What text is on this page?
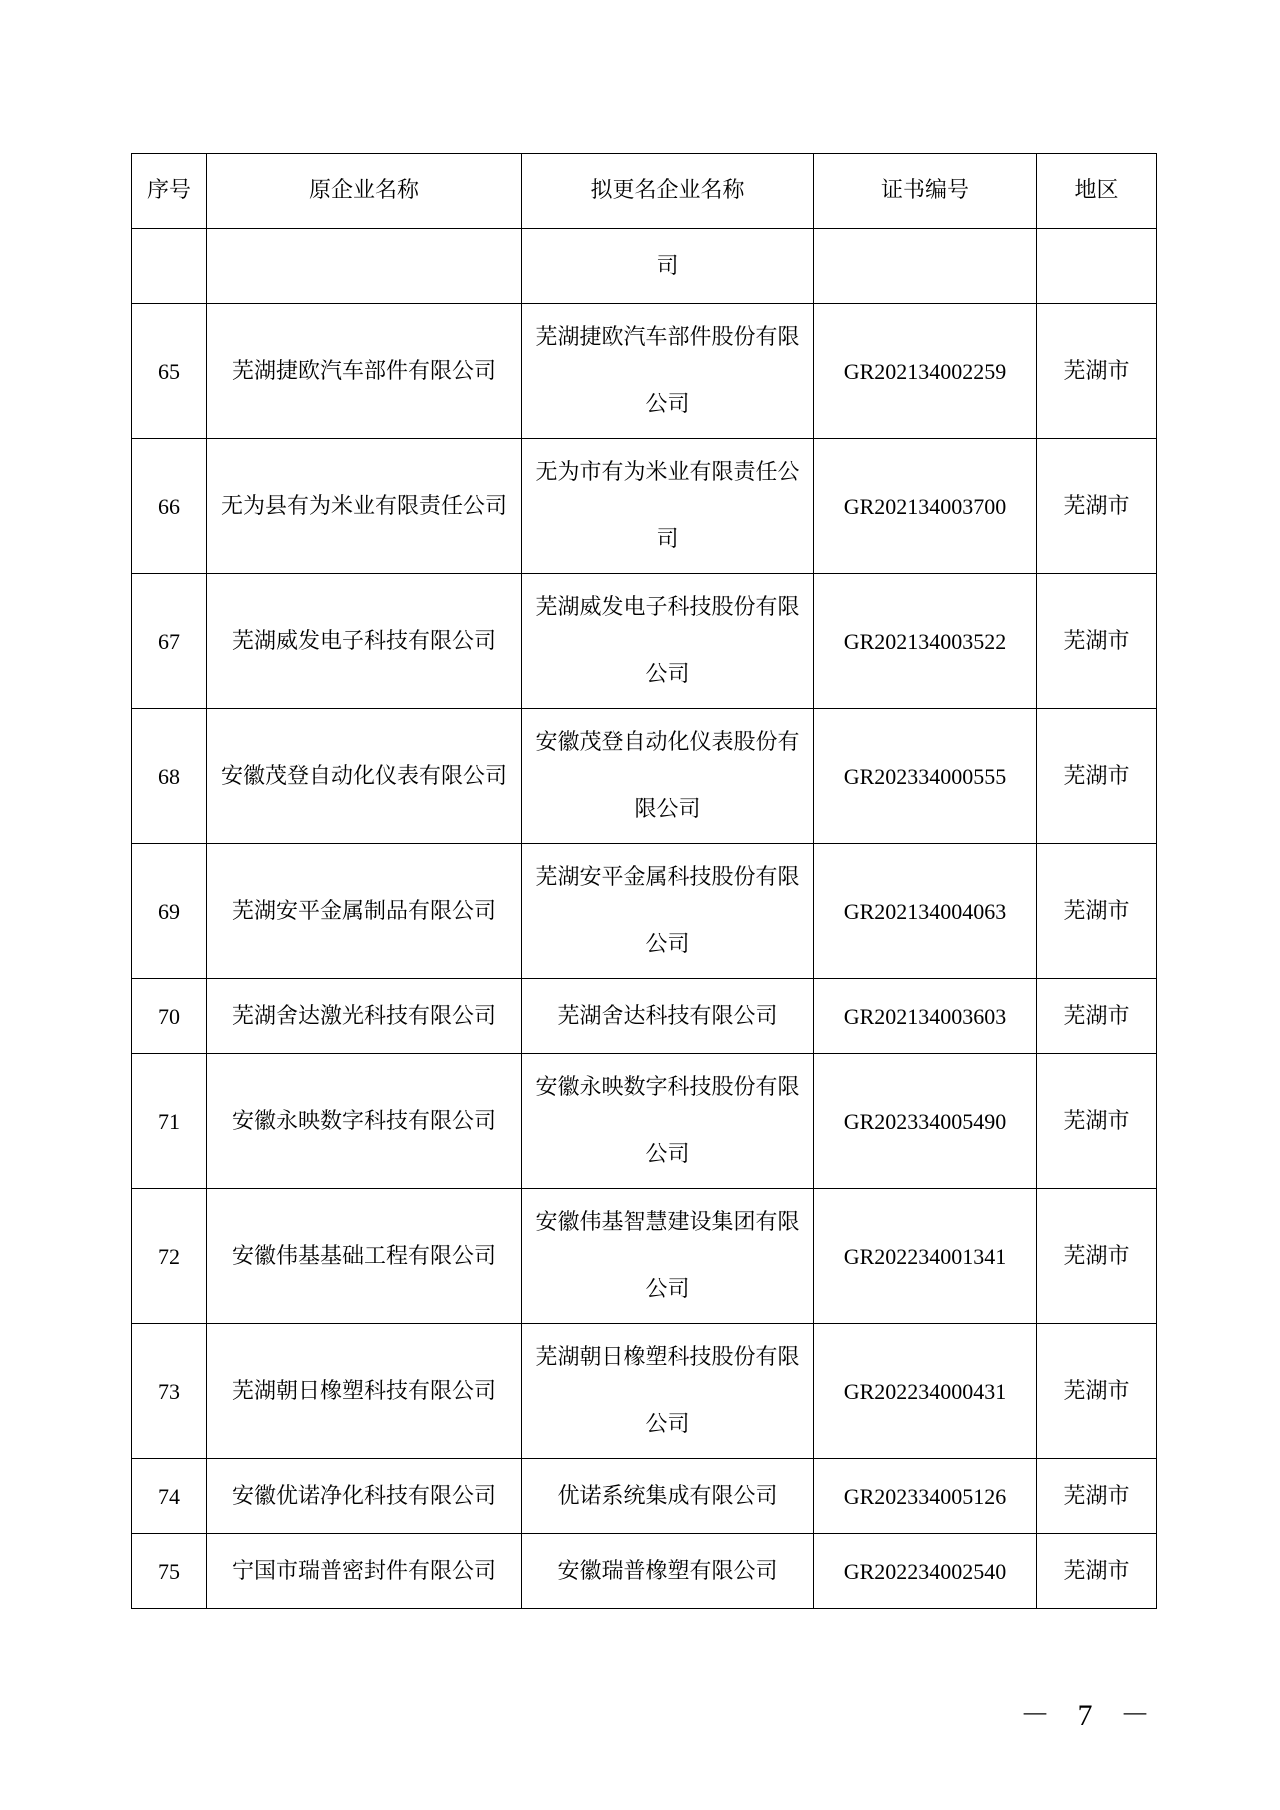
序号	原企业名称	拟更名企业名称	证书编号	地区
		司		
65	芜湖捷欧汽车部件有限公司	芜湖捷欧汽车部件股份有限公司	GR202134002259	芜湖市
66	无为县有为米业有限责任公司	无为市有为米业有限责任公司	GR202134003700	芜湖市
67	芜湖威发电子科技有限公司	芜湖威发电子科技股份有限公司	GR202134003522	芜湖市
68	安徽茂登自动化仪表有限公司	安徽茂登自动化仪表股份有限公司	GR202334000555	芜湖市
69	芜湖安平金属制品有限公司	芜湖安平金属科技股份有限公司	GR202134004063	芜湖市
70	芜湖舍达激光科技有限公司	芜湖舍达科技有限公司	GR202134003603	芜湖市
71	安徽永映数字科技有限公司	安徽永映数字科技股份有限公司	GR202334005490	芜湖市
72	安徽伟基基础工程有限公司	安徽伟基智慧建设集团有限公司	GR202234001341	芜湖市
73	芜湖朝日橡塑科技有限公司	芜湖朝日橡塑科技股份有限公司	GR202234000431	芜湖市
74	安徽优诺净化科技有限公司	优诺系统集成有限公司	GR202334005126	芜湖市
75	宁国市瑞普密封件有限公司	安徽瑞普橡塑有限公司	GR202234002540	芜湖市
－ 7 －
